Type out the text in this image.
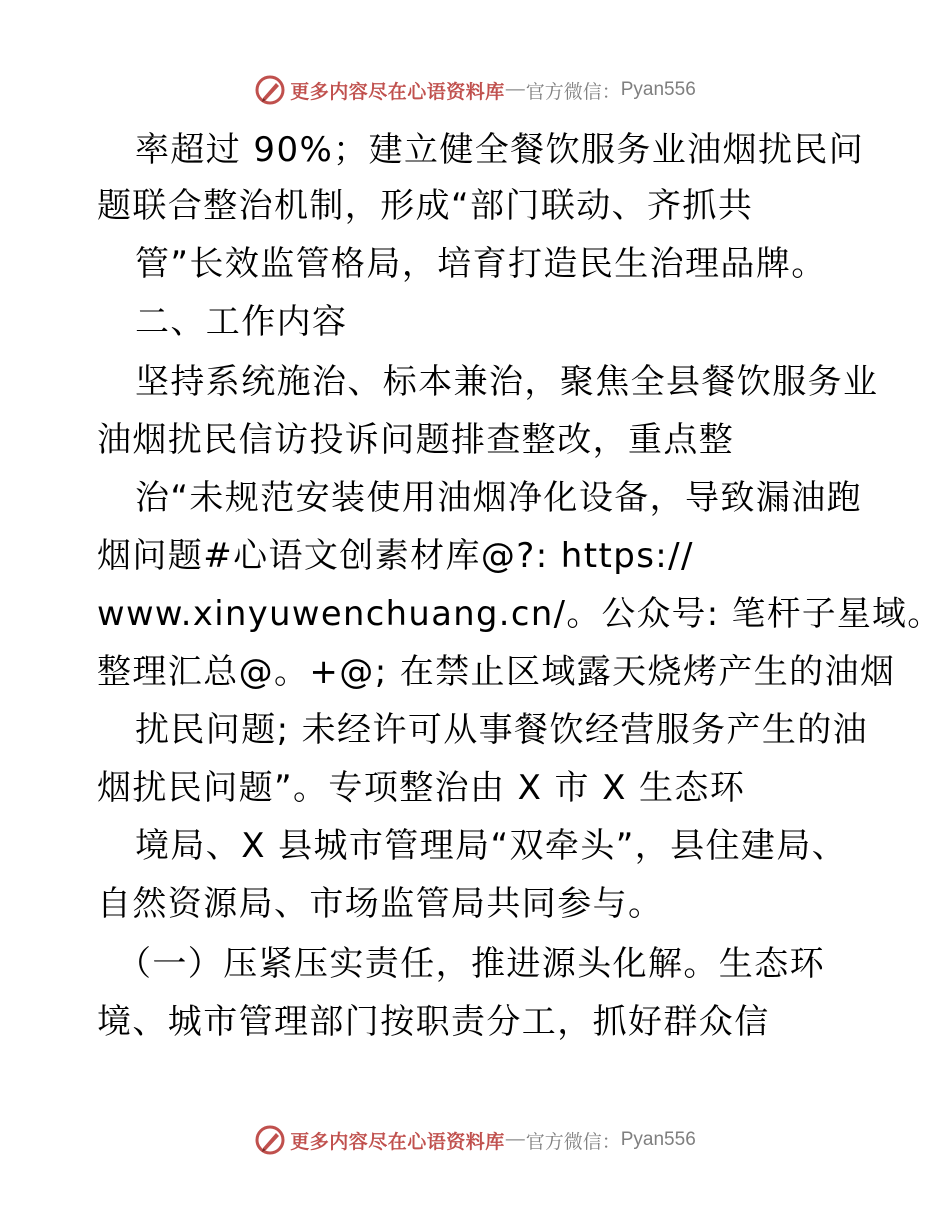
更多内容尽在心语资料库 — 官方微信： Pyan556
率超过 90%；建立健全餐饮服务业油烟扰民问
题联合整治机制，形成“部门联动、齐抓共
管”长效监管格局，培育打造民生治理品牌。
二、工作内容
坚持系统施治、标本兼治，聚焦全县餐饮服务业
油烟扰民信访投诉问题排查整改，重点整
治“未规范安装使用油烟净化设备，导致漏油跑
烟问题#心语文创素材库@?: https://
www.xinyuwenchuang.cn/。公众号: 笔杆子星域。
整理汇总@。+@; 在禁止区域露天烧烤产生的油烟
扰民问题; 未经许可从事餐饮经营服务产生的油
烟扰民问题”。专项整治由 X 市 X 生态环
境局、X 县城市管理局“双牵头”，县住建局、
自然资源局、市场监管局共同参与。
（一）压紧压实责任，推进源头化解。生态环
境、城市管理部门按职责分工，抓好群众信
更多内容尽在心语资料库 — 官方微信： Pyan556
